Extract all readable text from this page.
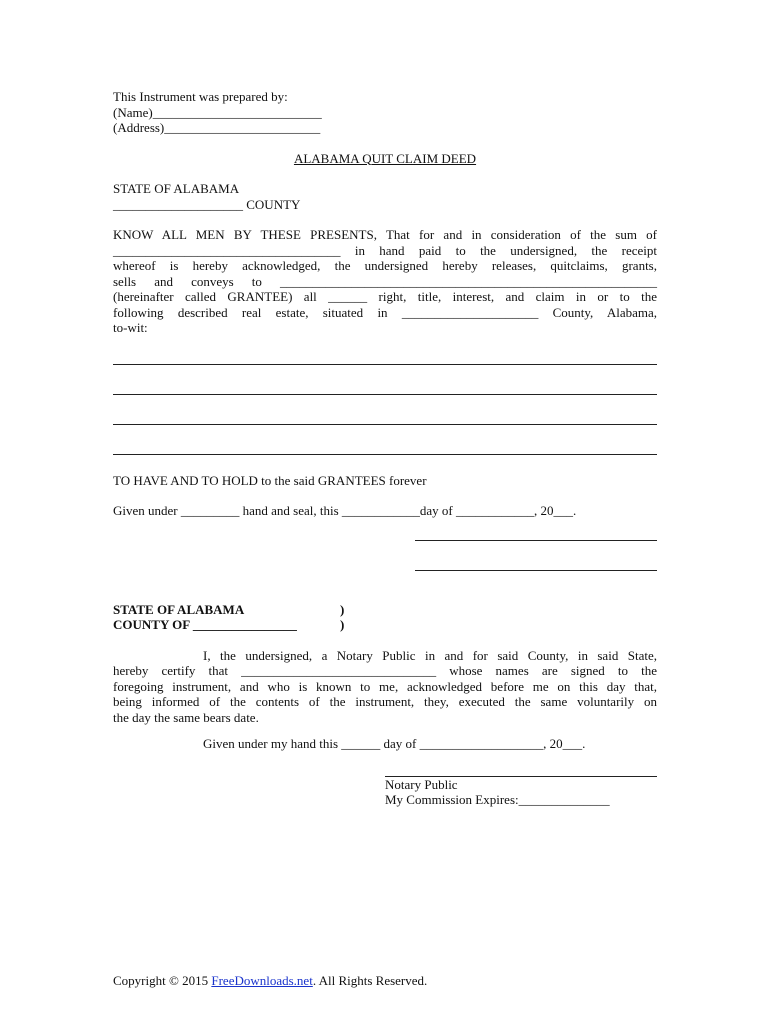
This Instrument was prepared by:
(Name)__________________________
(Address)________________________
ALABAMA QUIT CLAIM DEED
STATE OF ALABAMA
____________________ COUNTY
KNOW ALL MEN BY THESE PRESENTS, That for and in consideration of the sum of
___________________________________ in hand paid to the undersigned, the receipt
whereof is hereby acknowledged, the undersigned hereby releases, quitclaims, grants,
sells and conveys to __________________________________________________________
(hereinafter called GRANTEE) all ______ right, title, interest, and claim in or to the
following described real estate, situated in _____________________ County, Alabama,
to-wit:
TO HAVE AND TO HOLD to the said GRANTEES forever
Given under _________ hand and seal, this ____________day of ____________, 20___.
STATE OF ALABAMA	)
COUNTY OF ________________	)
I, the undersigned, a Notary Public in and for said County, in said State,
hereby certify that ______________________________ whose names are signed to the
foregoing instrument, and who is known to me, acknowledged before me on this day that,
being informed of the contents of the instrument, they, executed the same voluntarily on
the day the same bears date.
Given under my hand this ______ day of ___________________, 20___.
Notary Public
My Commission Expires:______________
Copyright © 2015 FreeDownloads.net. All Rights Reserved.
